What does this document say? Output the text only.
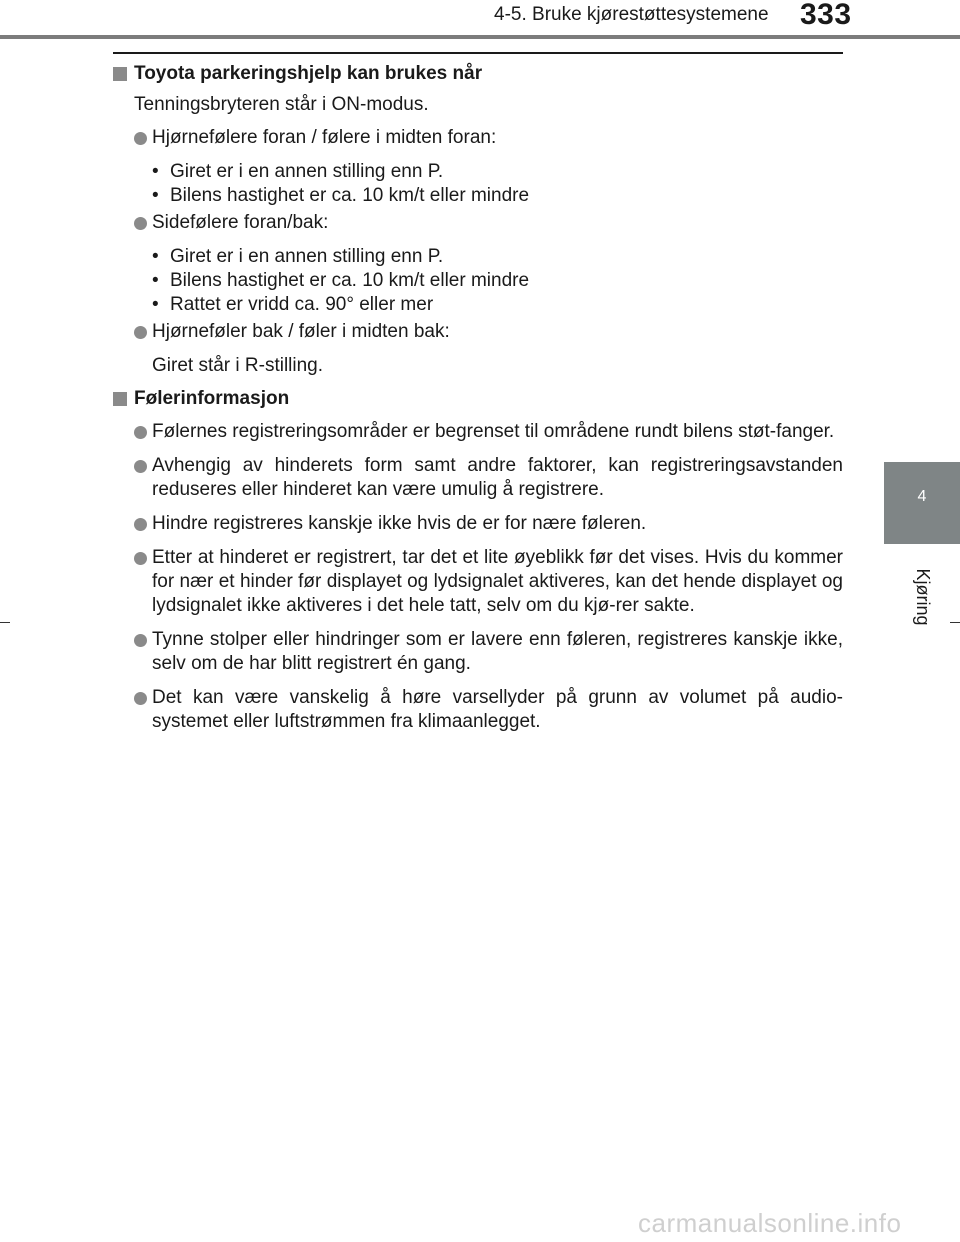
4-5. Bruke kjørestøttesystemene 333
4
Kjøring
Toyota parkeringshjelp kan brukes når
Tenningsbryteren står i ON-modus.
Hjørnefølere foran / følere i midten foran:
• Giret er i en annen stilling enn P.
• Bilens hastighet er ca. 10 km/t eller mindre
Sidefølere foran/bak:
• Giret er i en annen stilling enn P.
• Bilens hastighet er ca. 10 km/t eller mindre
• Rattet er vridd ca. 90° eller mer
Hjørneføler bak / føler i midten bak:
Giret står i R-stilling.
Følerinformasjon
Følernes registreringsområder er begrenset til områdene rundt bilens støt-fanger.
Avhengig av hinderets form samt andre faktorer, kan registreringsavstanden reduseres eller hinderet kan være umulig å registrere.
Hindre registreres kanskje ikke hvis de er for nære føleren.
Etter at hinderet er registrert, tar det et lite øyeblikk før det vises. Hvis du kommer for nær et hinder før displayet og lydsignalet aktiveres, kan det hende displayet og lydsignalet ikke aktiveres i det hele tatt, selv om du kjø-rer sakte.
Tynne stolper eller hindringer som er lavere enn føleren, registreres kanskje ikke, selv om de har blitt registrert én gang.
Det kan være vanskelig å høre varsellyder på grunn av volumet på audio-systemet eller luftstrømmen fra klimaanlegget.
carmanualsonline.info
